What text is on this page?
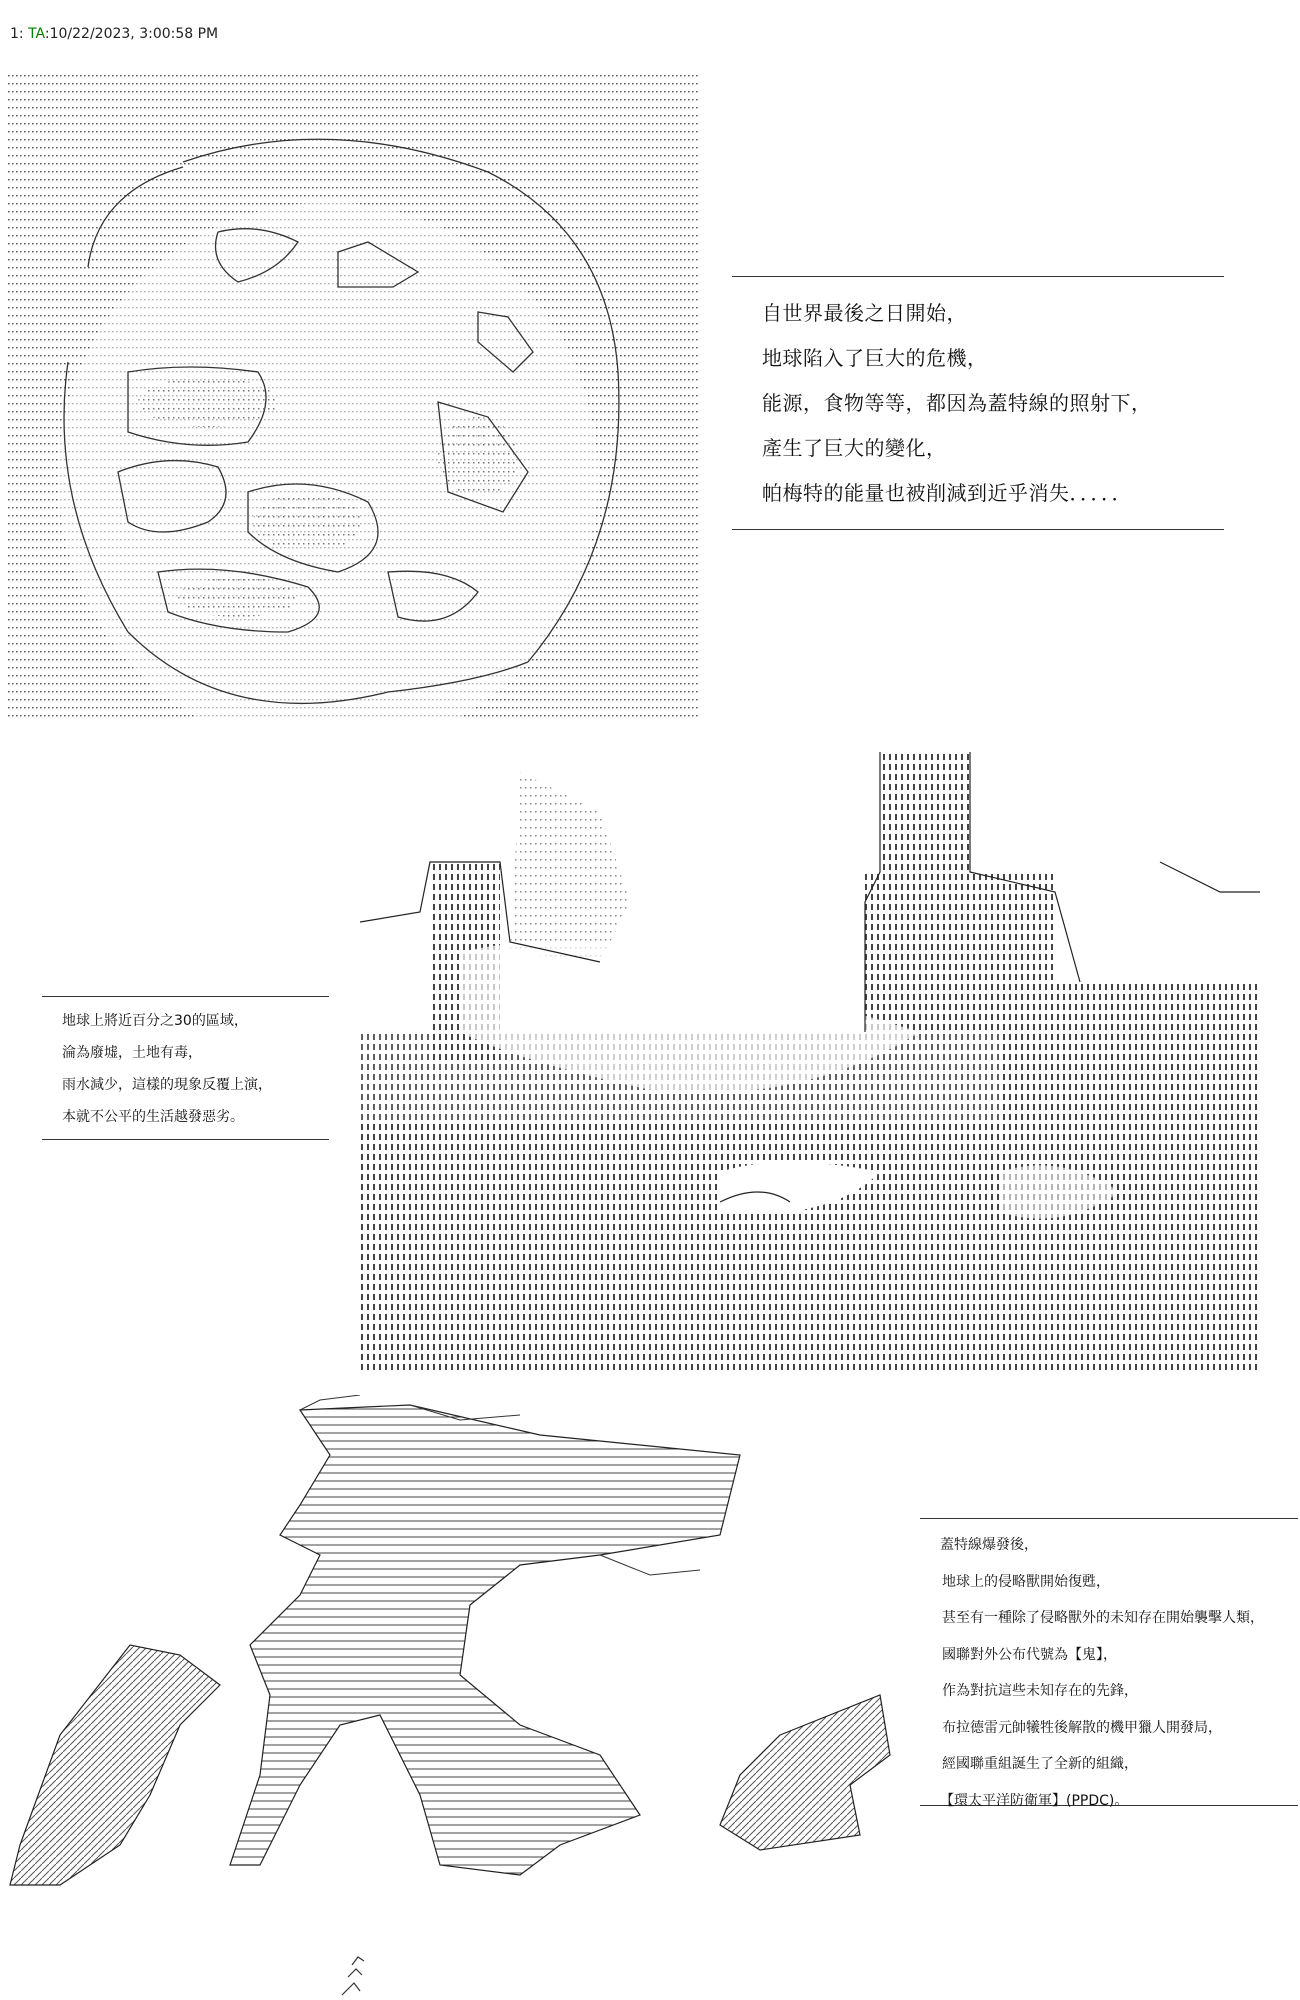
1: TA:10/22/2023, 3:00:58 PM
自世界最後之日開始，
地球陷入了巨大的危機，
能源，食物等等，都因為蓋特線的照射下，
產生了巨大的變化，
帕梅特的能量也被削減到近乎消失．．．．．
地球上將近百分之30的區域，
淪為廢墟，土地有毒，
雨水減少，這樣的現象反覆上演，
本就不公平的生活越發惡劣。
蓋特線爆發後，
地球上的侵略獸開始復甦，
甚至有一種除了侵略獸外的未知存在開始襲擊人類，
國聯對外公布代號為【鬼】，
作為對抗這些未知存在的先鋒，
布拉德雷元帥犧牲後解散的機甲獵人開發局，
經國聯重組誕生了全新的組織，
【環太平洋防衛軍】(PPDC)。
